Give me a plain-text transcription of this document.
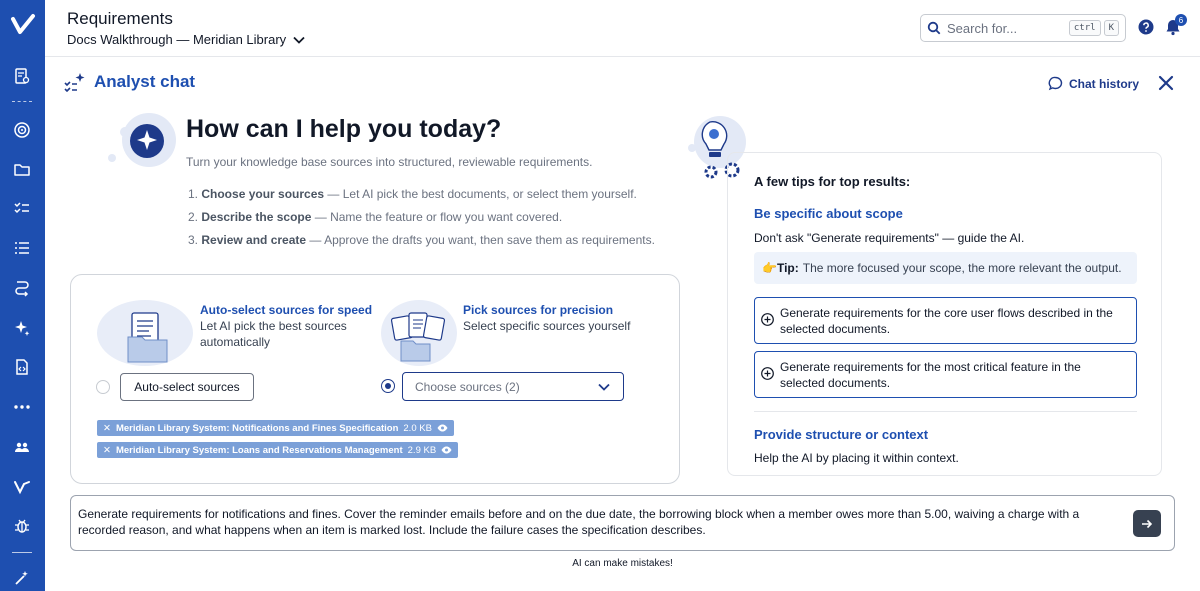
Requirements
Docs Walkthrough — Meridian Library
Search for...	ctrl	K
6
Analyst chat	Chat history
How can I help you today?
Turn your knowledge base sources into structured, reviewable requirements.
1. Choose your sources — Let AI pick the best documents, or select them yourself.
2. Describe the scope — Name the feature or flow you want covered.
3. Review and create — Approve the drafts you want, then save them as requirements.
Auto-select sources for speed
Let AI pick the best sources automatically
Pick sources for precision
Select specific sources yourself
Auto-select sources	Choose sources (2)
✕ Meridian Library System: Notifications and Fines Specification 2.0 KB
✕ Meridian Library System: Loans and Reservations Management 2.9 KB
A few tips for top results:
Be specific about scope
Don't ask "Generate requirements" — guide the AI.
👉 Tip: The more focused your scope, the more relevant the output.
Generate requirements for the core user flows described in the selected documents.
Generate requirements for the most critical feature in the selected documents.
Provide structure or context
Help the AI by placing it within context.
Generate requirements for notifications and fines. Cover the reminder emails before and on the due date, the borrowing block when a member owes more than 5.00, waiving a charge with a recorded reason, and what happens when an item is marked lost. Include the failure cases the specification describes.
AI can make mistakes!
